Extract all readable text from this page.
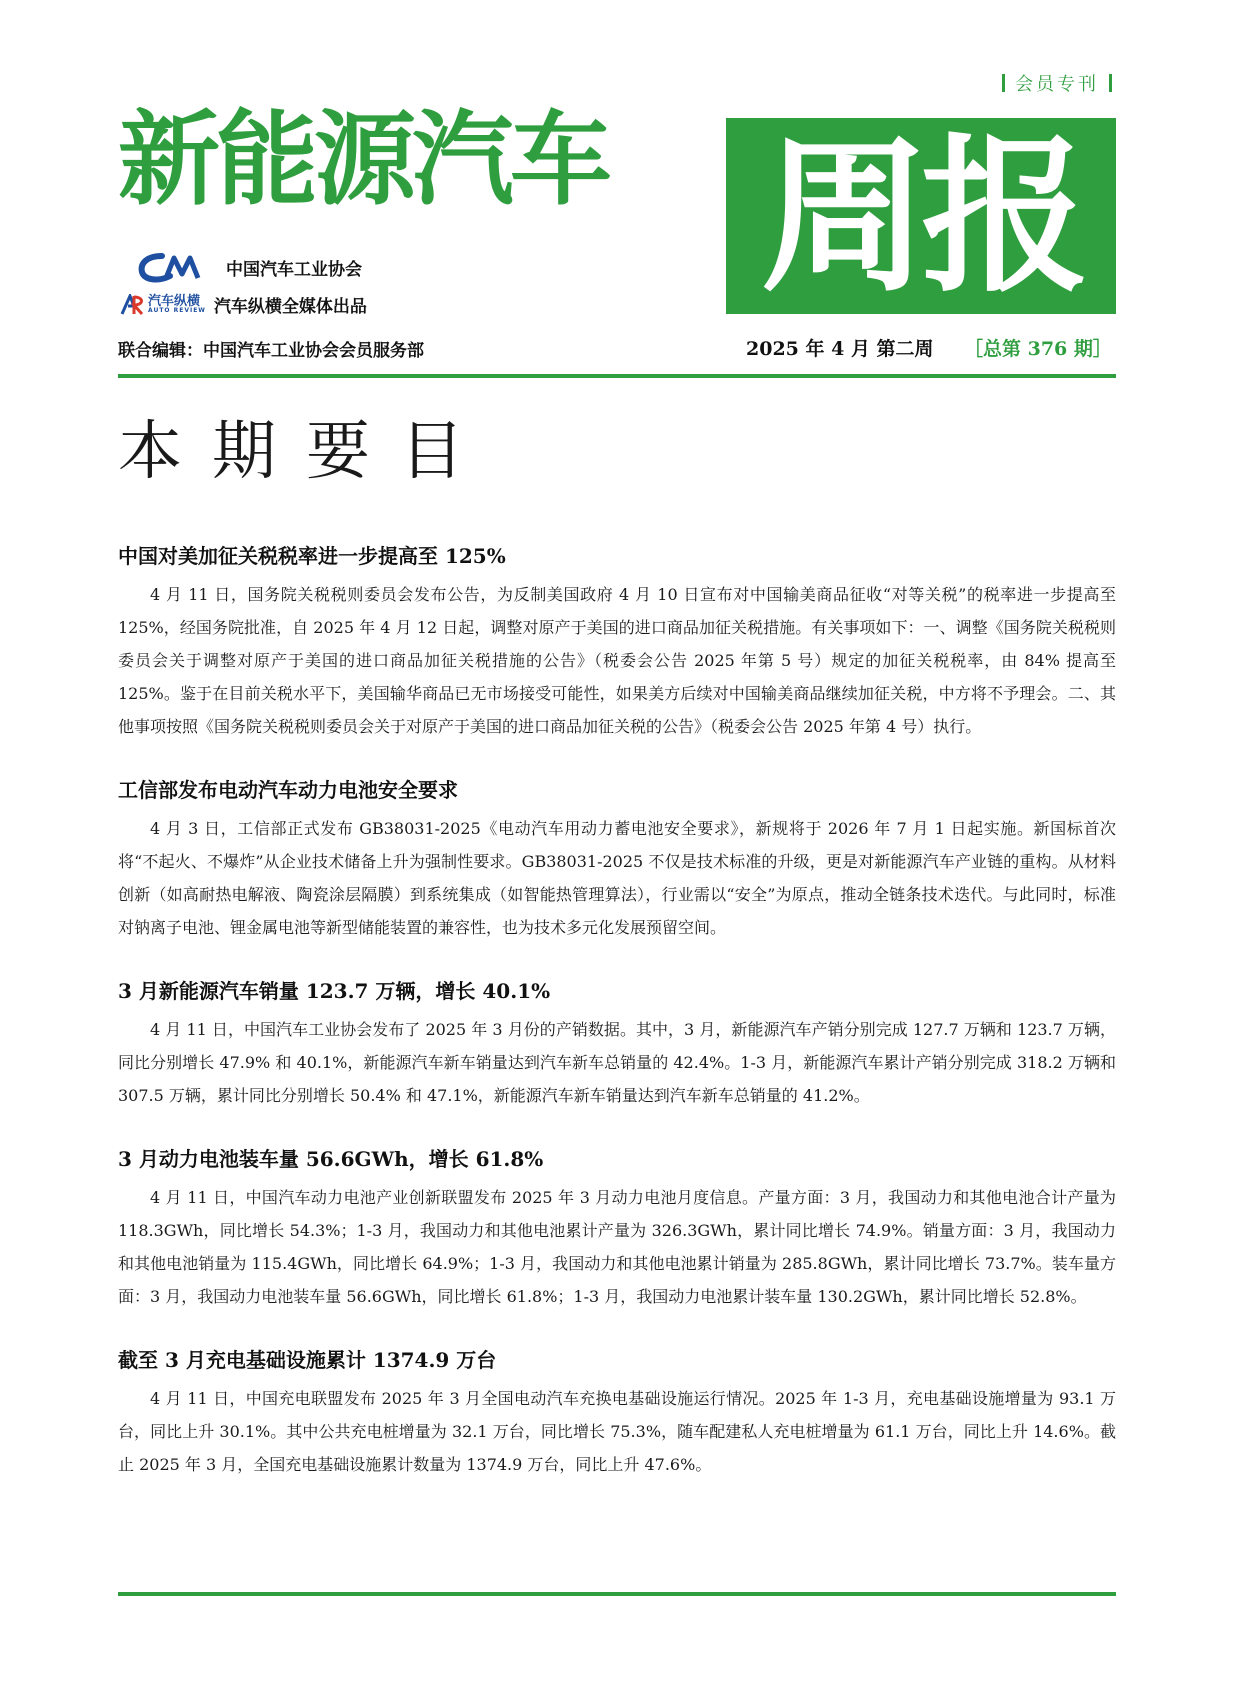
会员专刊
新能源汽车 周报
中国汽车工业协会
汽车纵横
AUTO REVIEW 汽车纵横全媒体出品
联合编辑：中国汽车工业协会会员服务部	2025 年 4 月 第二周 ［总第 376 期］
本期要目
中国对美加征关税税率进一步提高至 125%

4 月 11 日，国务院关税税则委员会发布公告，为反制美国政府 4 月 10 日宣布对中国输美商品征收“对等关税”的税率进一步提高至 125%，经国务院批准，自 2025 年 4 月 12 日起，调整对原产于美国的进口商品加征关税措施。有关事项如下：一、调整《国务院关税税则委员会关于调整对原产于美国的进口商品加征关税措施的公告》（税委会公告 2025 年第 5 号）规定的加征关税税率，由 84% 提高至 125%。鉴于在目前关税水平下，美国输华商品已无市场接受可能性，如果美方后续对中国输美商品继续加征关税，中方将不予理会。二、其他事项按照《国务院关税税则委员会关于对原产于美国的进口商品加征关税的公告》（税委会公告 2025 年第 4 号）执行。

工信部发布电动汽车动力电池安全要求

4 月 3 日，工信部正式发布 GB38031-2025《电动汽车用动力蓄电池安全要求》，新规将于 2026 年 7 月 1 日起实施。新国标首次将“不起火、不爆炸”从企业技术储备上升为强制性要求。GB38031-2025 不仅是技术标准的升级，更是对新能源汽车产业链的重构。从材料创新（如高耐热电解液、陶瓷涂层隔膜）到系统集成（如智能热管理算法），行业需以“安全”为原点，推动全链条技术迭代。与此同时，标准对钠离子电池、锂金属电池等新型储能装置的兼容性，也为技术多元化发展预留空间。

3 月新能源汽车销量 123.7 万辆，增长 40.1%

4 月 11 日，中国汽车工业协会发布了 2025 年 3 月份的产销数据。其中，3 月，新能源汽车产销分别完成 127.7 万辆和 123.7 万辆，同比分别增长 47.9% 和 40.1%，新能源汽车新车销量达到汽车新车总销量的 42.4%。1-3 月，新能源汽车累计产销分别完成 318.2 万辆和 307.5 万辆，累计同比分别增长 50.4% 和 47.1%，新能源汽车新车销量达到汽车新车总销量的 41.2%。

3 月动力电池装车量 56.6GWh，增长 61.8%

4 月 11 日，中国汽车动力电池产业创新联盟发布 2025 年 3 月动力电池月度信息。产量方面：3 月，我国动力和其他电池合计产量为 118.3GWh，同比增长 54.3%；1-3 月，我国动力和其他电池累计产量为 326.3GWh，累计同比增长 74.9%。销量方面：3 月，我国动力和其他电池销量为 115.4GWh，同比增长 64.9%；1-3 月，我国动力和其他电池累计销量为 285.8GWh，累计同比增长 73.7%。装车量方面：3 月，我国动力电池装车量 56.6GWh，同比增长 61.8%；1-3 月，我国动力电池累计装车量 130.2GWh，累计同比增长 52.8%。

截至 3 月充电基础设施累计 1374.9 万台

4 月 11 日，中国充电联盟发布 2025 年 3 月全国电动汽车充换电基础设施运行情况。2025 年 1-3 月，充电基础设施增量为 93.1 万台，同比上升 30.1%。其中公共充电桩增量为 32.1 万台，同比增长 75.3%，随车配建私人充电桩增量为 61.1 万台，同比上升 14.6%。截止 2025 年 3 月，全国充电基础设施累计数量为 1374.9 万台，同比上升 47.6%。
